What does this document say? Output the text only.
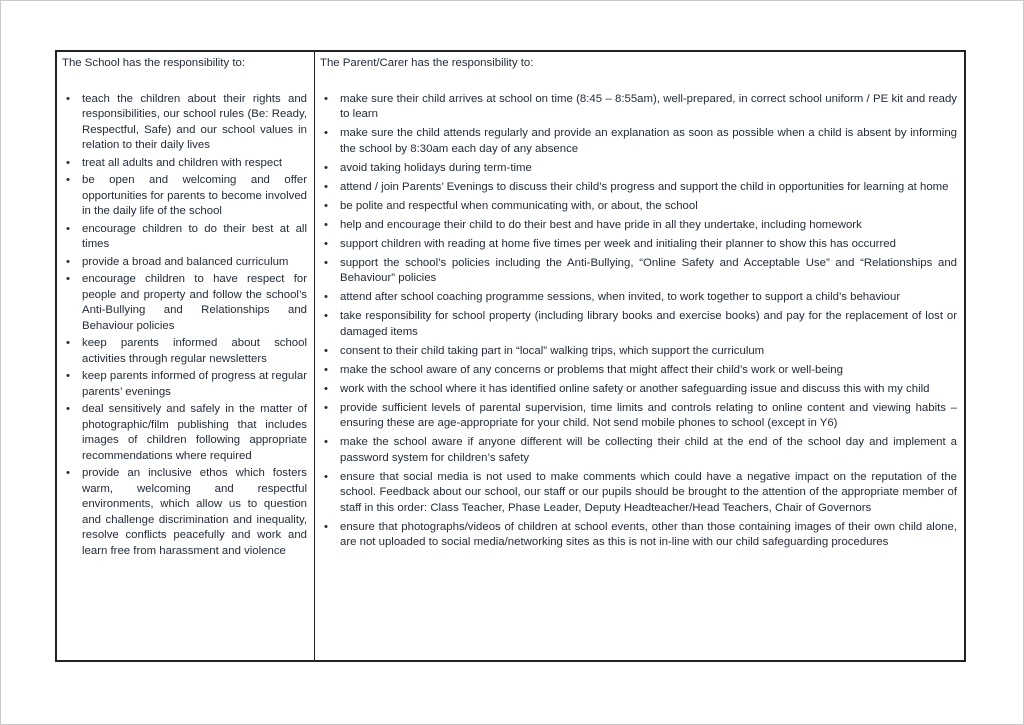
The School has the responsibility to:
•	teach the children about their rights and responsibilities, our school rules (Be: Ready, Respectful, Safe) and our school values in relation to their daily lives
•	treat all adults and children with respect
•	be open and welcoming and offer opportunities for parents to become involved in the daily life of the school
•	encourage children to do their best at all times
•	provide a broad and balanced curriculum
•	encourage children to have respect for people and property and follow the school’s Anti-Bullying and Relationships and Behaviour policies
•	keep parents informed about school activities through regular newsletters
•	keep parents informed of progress at regular parents’ evenings
•	deal sensitively and safely in the matter of photographic/film publishing that includes images of children following appropriate recommendations where required
•	provide an inclusive ethos which fosters warm, welcoming and respectful environments, which allow us to question and challenge discrimination and inequality, resolve conflicts peacefully and work and learn free from harassment and violence
The Parent/Carer has the responsibility to:
•	make sure their child arrives at school on time (8:45 – 8:55am), well-prepared, in correct school uniform / PE kit and ready to learn
•	make sure the child attends regularly and provide an explanation as soon as possible when a child is absent by informing the school by 8:30am each day of any absence
•	avoid taking holidays during term-time
•	attend / join Parents’ Evenings to discuss their child’s progress and support the child in opportunities for learning at home
•	be polite and respectful when communicating with, or about, the school
•	help and encourage their child to do their best and have pride in all they undertake, including homework
•	support children with reading at home five times per week and initialing their planner to show this has occurred
•	support the school’s policies including the Anti-Bullying, “Online Safety and Acceptable Use” and “Relationships and Behaviour” policies
•	attend after school coaching programme sessions, when invited, to work together to support a child’s behaviour
•	take responsibility for school property (including library books and exercise books) and pay for the replacement of lost or damaged items
•	consent to their child taking part in “local” walking trips, which support the curriculum
•	make the school aware of any concerns or problems that might affect their child’s work or well-being
•	work with the school where it has identified online safety or another safeguarding issue and discuss this with my child
•	provide sufficient levels of parental supervision, time limits and controls relating to online content and viewing habits – ensuring these are age-appropriate for your child. Not send mobile phones to school (except in Y6)
•	make the school aware if anyone different will be collecting their child at the end of the school day and implement a password system for children’s safety
•	ensure that social media is not used to make comments which could have a negative impact on the reputation of the school. Feedback about our school, our staff or our pupils should be brought to the attention of the appropriate member of staff in this order: Class Teacher, Phase Leader, Deputy Headteacher/Head Teachers, Chair of Governors
•	ensure that photographs/videos of children at school events, other than those containing images of their own child alone, are not uploaded to social media/networking sites as this is not in-line with our child safeguarding procedures
